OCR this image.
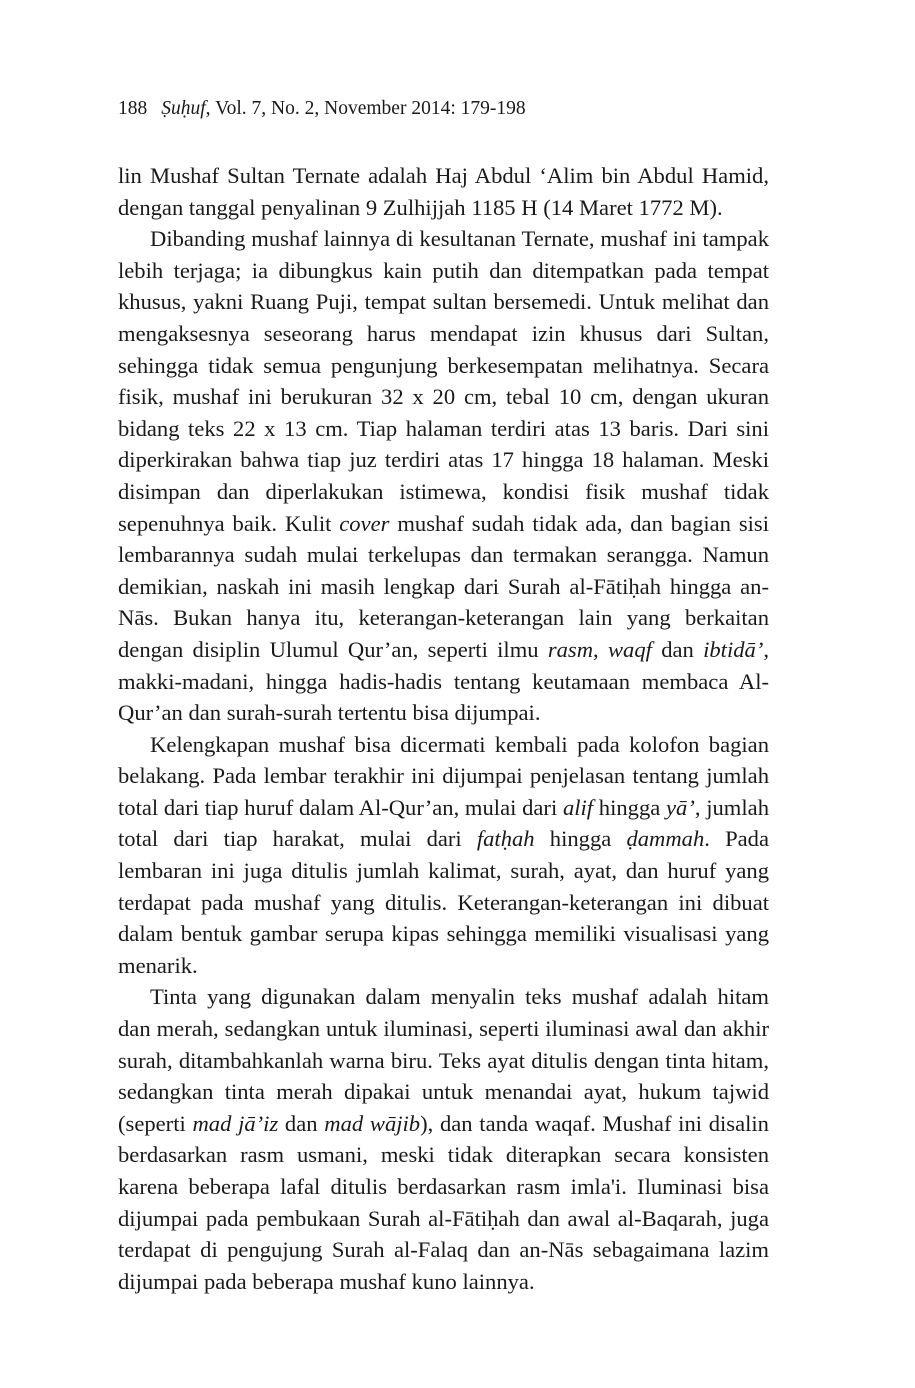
188 Ṣuḥuf, Vol. 7, No. 2, November 2014: 179-198

lin Mushaf Sultan Ternate adalah Haj Abdul ‘Alim bin Abdul Hamid, dengan tanggal penyalinan 9 Zulhijjah 1185 H (14 Maret 1772 M).

Dibanding mushaf lainnya di kesultanan Ternate, mushaf ini tampak lebih terjaga; ia dibungkus kain putih dan ditempatkan pada tempat khusus, yakni Ruang Puji, tempat sultan bersemedi. Untuk melihat dan mengaksesnya seseorang harus mendapat izin khusus dari Sultan, sehingga tidak semua pengunjung berkesempatan melihatnya. Secara fisik, mushaf ini berukuran 32 x 20 cm, tebal 10 cm, dengan ukuran bidang teks 22 x 13 cm. Tiap halaman terdiri atas 13 baris. Dari sini diperkirakan bahwa tiap juz terdiri atas 17 hingga 18 halaman. Meski disimpan dan diperlakukan istimewa, kondisi fisik mushaf tidak sepenuhnya baik. Kulit cover mushaf sudah tidak ada, dan bagian sisi lembarannya sudah mulai terkelupas dan termakan serangga. Namun demikian, naskah ini masih lengkap dari Surah al-Fātiḥah hingga an-Nās. Bukan hanya itu, keterangan-keterangan lain yang berkaitan dengan disiplin Ulumul Qur’an, seperti ilmu rasm, waqf dan ibtidā’, makki-madani, hingga hadis-hadis tentang keutamaan membaca Al-Qur’an dan surah-surah tertentu bisa dijumpai.

Kelengkapan mushaf bisa dicermati kembali pada kolofon bagian belakang. Pada lembar terakhir ini dijumpai penjelasan tentang jumlah total dari tiap huruf dalam Al-Qur’an, mulai dari alif hingga yā’, jumlah total dari tiap harakat, mulai dari fatḥah hingga ḍammah. Pada lembaran ini juga ditulis jumlah kalimat, surah, ayat, dan huruf yang terdapat pada mushaf yang ditulis. Keterangan-keterangan ini dibuat dalam bentuk gambar serupa kipas sehingga memiliki visualisasi yang menarik.

Tinta yang digunakan dalam menyalin teks mushaf adalah hitam dan merah, sedangkan untuk iluminasi, seperti iluminasi awal dan akhir surah, ditambahkanlah warna biru. Teks ayat ditulis dengan tinta hitam, sedangkan tinta merah dipakai untuk menandai ayat, hukum tajwid (seperti mad jā’iz dan mad wājib), dan tanda waqaf. Mushaf ini disalin berdasarkan rasm usmani, meski tidak diterapkan secara konsisten karena beberapa lafal ditulis berdasarkan rasm imla'i. Iluminasi bisa dijumpai pada pembukaan Surah al-Fātiḥah dan awal al-Baqarah, juga terdapat di pengujung Surah al-Falaq dan an-Nās sebagaimana lazim dijumpai pada beberapa mushaf kuno lainnya.
